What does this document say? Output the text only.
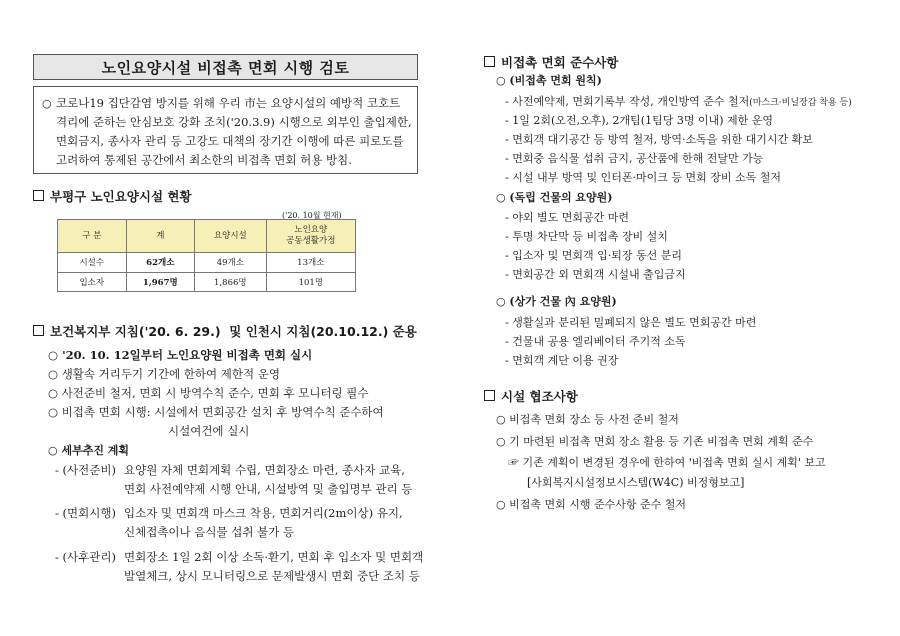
노인요양시설 비접촉 면회 시행 검토
○ 코로나19 집단감염 방지를 위해 우리 市는 요양시설의 예방적 코호트
격리에 준하는 안심보호 강화 조치('20.3.9) 시행으로 외부인 출입제한,
면회금지, 종사자 관리 등 고강도 대책의 장기간 이행에 따른 피로도를
고려하여 통제된 공간에서 최소한의 비접촉 면회 허용 방침.
부평구 노인요양시설 현황
('20. 10월 현재)
구 분	계	요양시설	노인요양
공동생활가정
시설수	62개소	49개소	13개소
입소자	1,967명	1,866명	101명
보건복지부 지침('20. 6. 29.) 및 인천시 지침(20.10.12.) 준용
○ '20. 10. 12일부터 노인요양원 비접촉 면회 실시
○ 생활속 거리두기 기간에 한하여 제한적 운영
○ 사전준비 철저, 면회 시 방역수칙 준수, 면회 후 모니터링 필수
○ 비접촉 면회 시행: 시설에서 면회공간 설치 후 방역수칙 준수하여
시설여건에 실시
○ 세부추진 계획
- (사전준비) 요양원 자체 면회계획 수립, 면회장소 마련, 종사자 교육,
면회 사전예약제 시행 안내, 시설방역 및 출입명부 관리 등
- (면회시행) 입소자 및 면회객 마스크 착용, 면회거리(2m이상) 유지,
신체접촉이나 음식물 섭취 불가 등
- (사후관리) 면회장소 1일 2회 이상 소독·환기, 면회 후 입소자 및 면회객
발열체크, 상시 모니터링으로 문제발생시 면회 중단 조치 등
비접촉 면회 준수사항
○ (비접촉 면회 원칙)
- 사전예약제, 면회기록부 작성, 개인방역 준수 철저(마스크·비닐장갑 착용 등)
- 1일 2회(오전,오후), 2개팀(1팀당 3명 이내) 제한 운영
- 면회객 대기공간 등 방역 철저, 방역·소독을 위한 대기시간 확보
- 면회중 음식물 섭취 금지, 공산품에 한해 전달만 가능
- 시설 내부 방역 및 인터폰·마이크 등 면회 장비 소독 철저
○ (독립 건물의 요양원)
- 야외 별도 면회공간 마련
- 투명 차단막 등 비접촉 장비 설치
- 입소자 및 면회객 입·퇴장 동선 분리
- 면회공간 외 면회객 시설내 출입금지
○ (상가 건물 內 요양원)
- 생활실과 분리된 밀폐되지 않은 별도 면회공간 마련
- 건물내 공용 엘리베이터 주기적 소독
- 면회객 계단 이용 권장
시설 협조사항
○ 비접촉 면회 장소 등 사전 준비 철저
○ 기 마련된 비접촉 면회 장소 활용 등 기존 비접촉 면회 계획 준수
☞ 기존 계획이 변경된 경우에 한하여 '비접촉 면회 실시 계획' 보고
[사회복지시설정보시스템(W4C) 비정형보고]
○ 비접촉 면회 시행 준수사항 준수 철저
